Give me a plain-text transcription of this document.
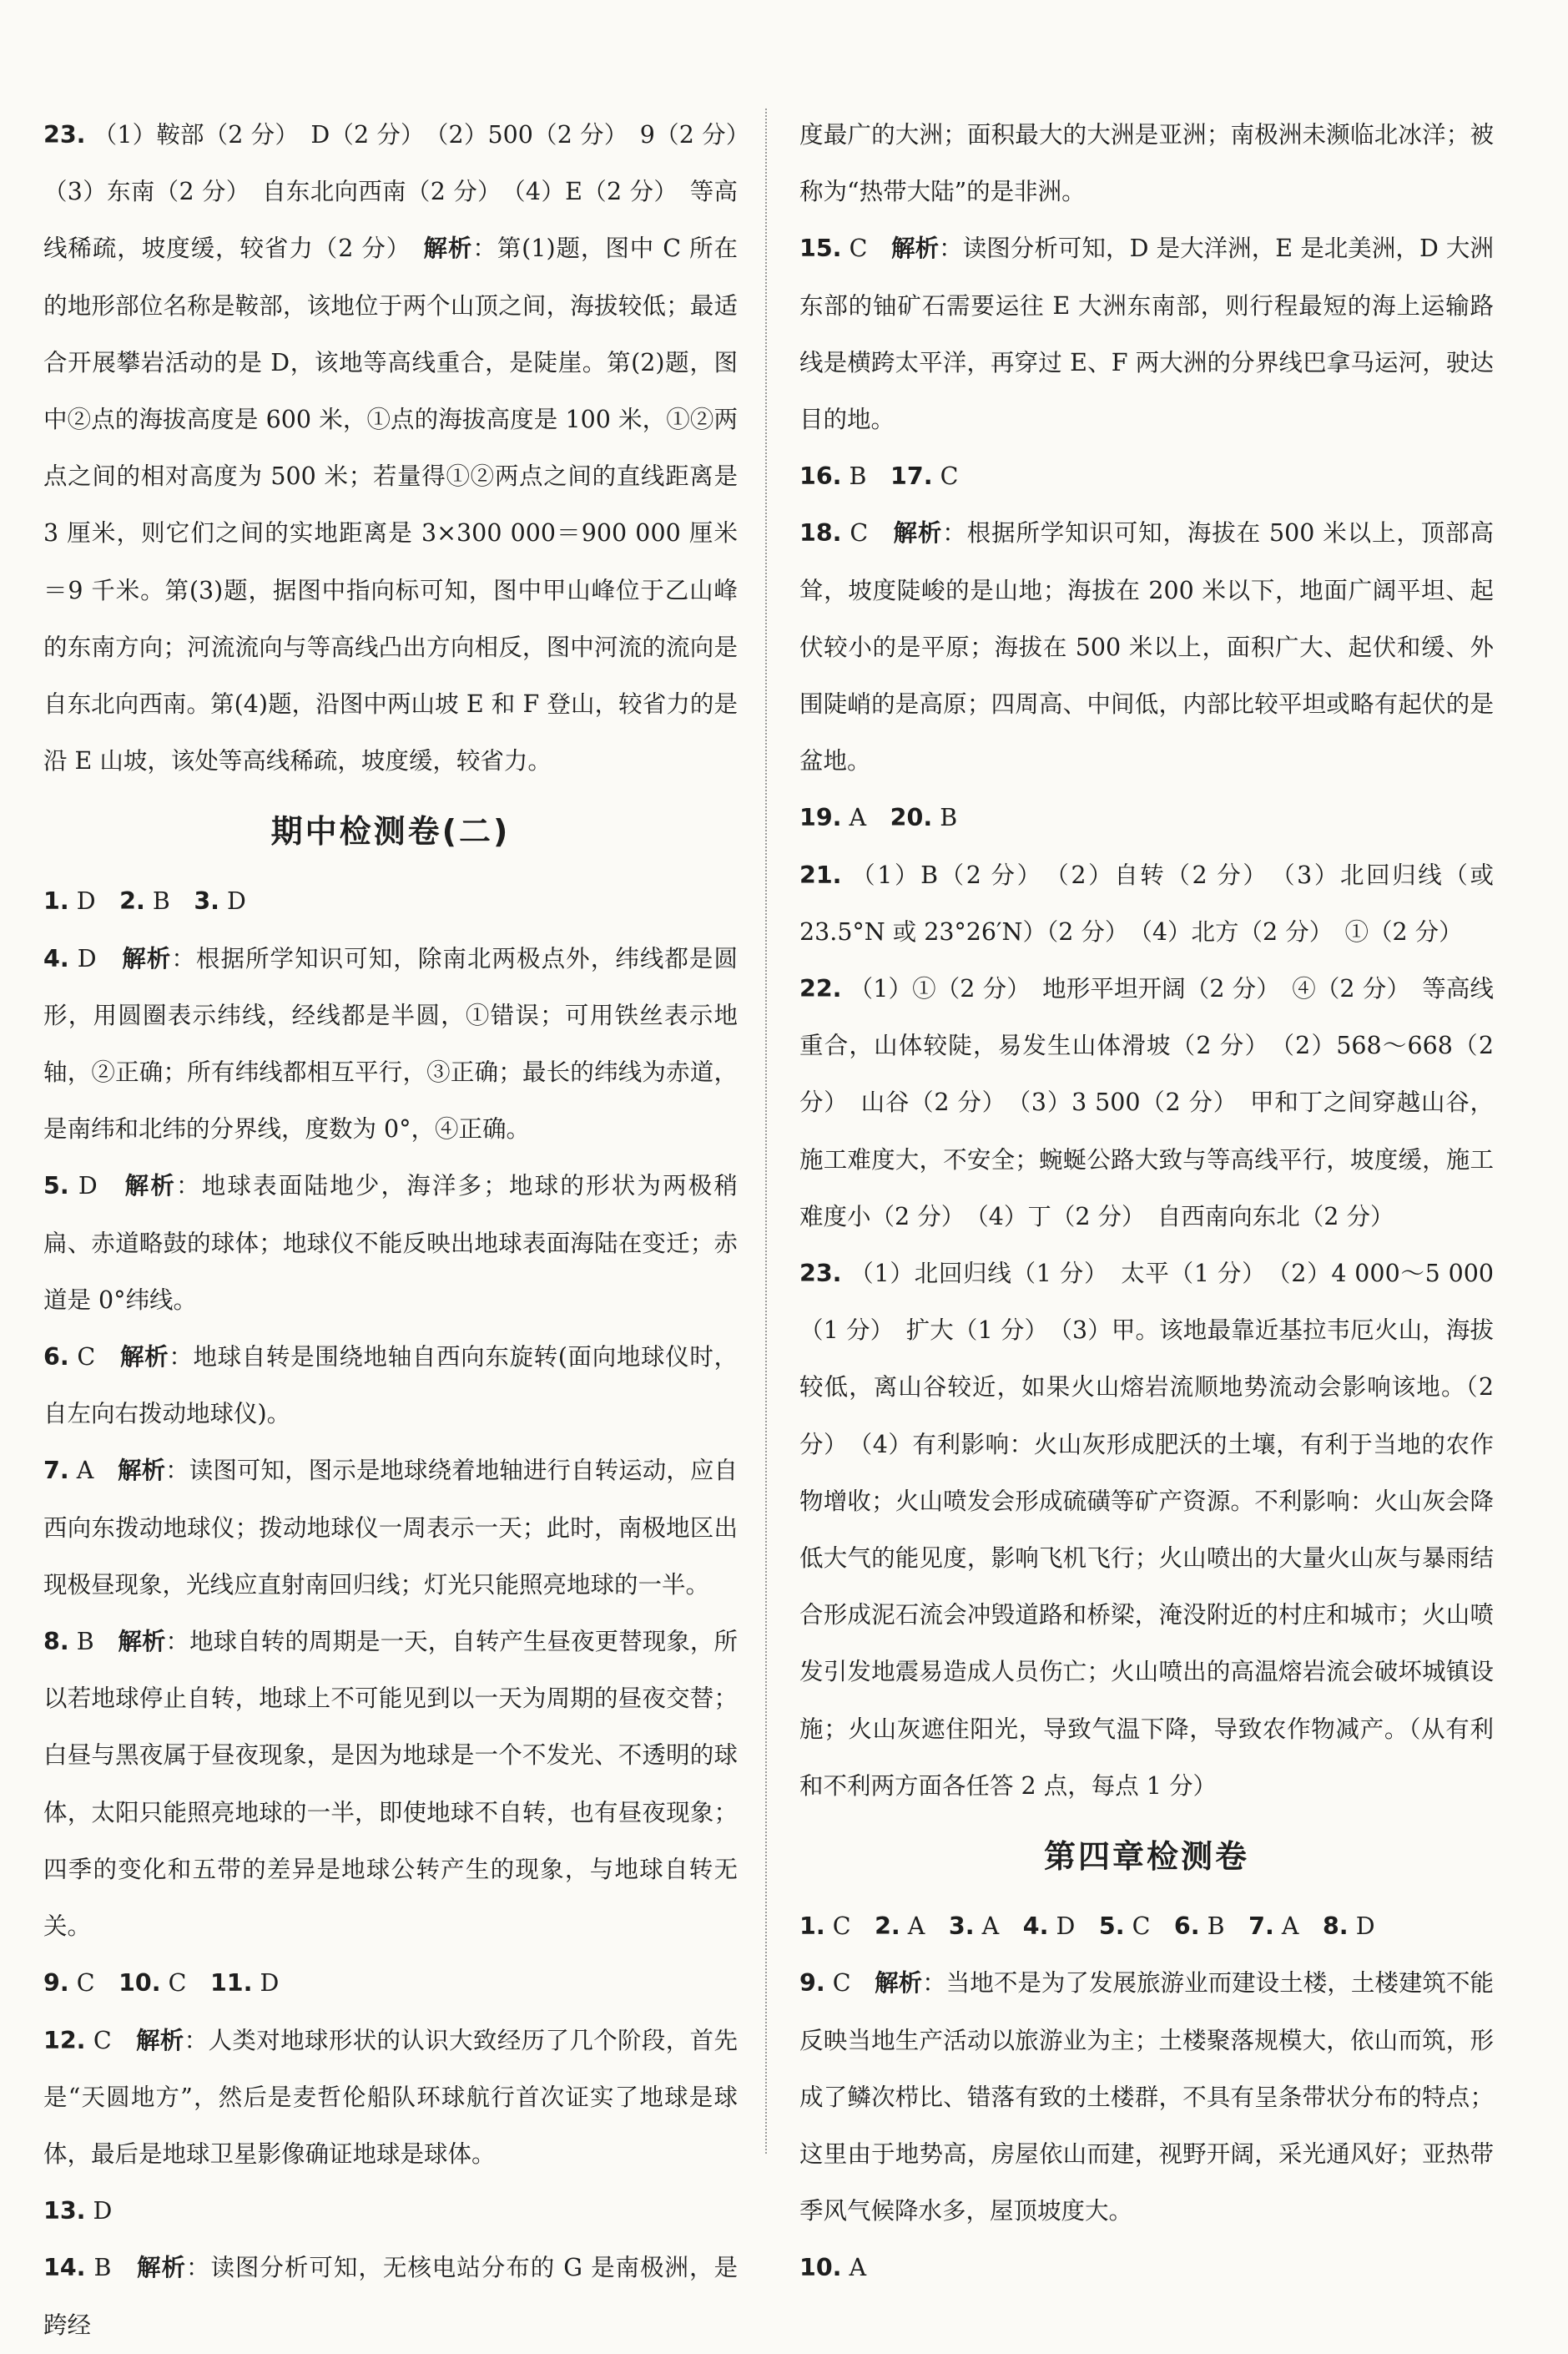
23. （1）鞍部（2 分）　D（2 分）　（2）500（2 分）　9（2 分）　（3）东南（2 分）　自东北向西南（2 分）　（4）E（2 分）　等高线稀疏，坡度缓，较省力（2 分）　解析：第(1)题，图中 C 所在的地形部位名称是鞍部，该地位于两个山顶之间，海拔较低；最适合开展攀岩活动的是 D，该地等高线重合，是陡崖。第(2)题，图中②点的海拔高度是 600 米，①点的海拔高度是 100 米，①②两点之间的相对高度为 500 米；若量得①②两点之间的直线距离是 3 厘米，则它们之间的实地距离是 3×300 000＝900 000 厘米＝9 千米。第(3)题，据图中指向标可知，图中甲山峰位于乙山峰的东南方向；河流流向与等高线凸出方向相反，图中河流的流向是自东北向西南。第(4)题，沿图中两山坡 E 和 F 登山，较省力的是沿 E 山坡，该处等高线稀疏，坡度缓，较省力。

期中检测卷(二)

1. D　 2. B　 3. D

4. D　解析：根据所学知识可知，除南北两极点外，纬线都是圆形，用圆圈表示纬线，经线都是半圆，①错误；可用铁丝表示地轴，②正确；所有纬线都相互平行，③正确；最长的纬线为赤道，是南纬和北纬的分界线，度数为 0°，④正确。

5. D　解析：地球表面陆地少，海洋多；地球的形状为两极稍扁、赤道略鼓的球体；地球仪不能反映出地球表面海陆在变迁；赤道是 0°纬线。

6. C　解析：地球自转是围绕地轴自西向东旋转(面向地球仪时，自左向右拨动地球仪)。

7. A　解析：读图可知，图示是地球绕着地轴进行自转运动，应自西向东拨动地球仪；拨动地球仪一周表示一天；此时，南极地区出现极昼现象，光线应直射南回归线；灯光只能照亮地球的一半。

8. B　解析：地球自转的周期是一天，自转产生昼夜更替现象，所以若地球停止自转，地球上不可能见到以一天为周期的昼夜交替；白昼与黑夜属于昼夜现象，是因为地球是一个不发光、不透明的球体，太阳只能照亮地球的一半，即使地球不自转，也有昼夜现象；四季的变化和五带的差异是地球公转产生的现象，与地球自转无关。

9. C　 10. C　 11. D

12. C　解析：人类对地球形状的认识大致经历了几个阶段，首先是“天圆地方”，然后是麦哲伦船队环球航行首次证实了地球是球体，最后是地球卫星影像确证地球是球体。

13. D

14. B　解析：读图分析可知，无核电站分布的 G 是南极洲，是跨经

度最广的大洲；面积最大的大洲是亚洲；南极洲未濒临北冰洋；被称为“热带大陆”的是非洲。

15. C　解析：读图分析可知，D 是大洋洲，E 是北美洲，D 大洲东部的铀矿石需要运往 E 大洲东南部，则行程最短的海上运输路线是横跨太平洋，再穿过 E、F 两大洲的分界线巴拿马运河，驶达目的地。

16. B　 17. C

18. C　解析：根据所学知识可知，海拔在 500 米以上，顶部高耸，坡度陡峻的是山地；海拔在 200 米以下，地面广阔平坦、起伏较小的是平原；海拔在 500 米以上，面积广大、起伏和缓、外围陡峭的是高原；四周高、中间低，内部比较平坦或略有起伏的是盆地。

19. A　 20. B

21. （1）B（2 分）　（2）自转（2 分）　（3）北回归线（或 23.5°N 或 23°26′N）（2 分）　（4）北方（2 分）　①（2 分）

22. （1）①（2 分）　地形平坦开阔（2 分）　④（2 分）　等高线重合，山体较陡，易发生山体滑坡（2 分）　（2）568～668（2 分）　山谷（2 分）　（3）3 500（2 分）　甲和丁之间穿越山谷，施工难度大，不安全；蜿蜒公路大致与等高线平行，坡度缓，施工难度小（2 分）　（4）丁（2 分）　自西南向东北（2 分）

23. （1）北回归线（1 分）　太平（1 分）　（2）4 000～5 000（1 分）　扩大（1 分）　（3）甲。该地最靠近基拉韦厄火山，海拔较低，离山谷较近，如果火山熔岩流顺地势流动会影响该地。（2 分）　（4）有利影响：火山灰形成肥沃的土壤，有利于当地的农作物增收；火山喷发会形成硫磺等矿产资源。不利影响：火山灰会降低大气的能见度，影响飞机飞行；火山喷出的大量火山灰与暴雨结合形成泥石流会冲毁道路和桥梁，淹没附近的村庄和城市；火山喷发引发地震易造成人员伤亡；火山喷出的高温熔岩流会破坏城镇设施；火山灰遮住阳光，导致气温下降，导致农作物减产。（从有利和不利两方面各任答 2 点，每点 1 分）

第四章检测卷

1. C　 2. A　 3. A　 4. D　 5. C　 6. B　 7. A　 8. D

9. C　解析：当地不是为了发展旅游业而建设土楼，土楼建筑不能反映当地生产活动以旅游业为主；土楼聚落规模大，依山而筑，形成了鳞次栉比、错落有致的土楼群，不具有呈条带状分布的特点；这里由于地势高，房屋依山而建，视野开阔，采光通风好；亚热带季风气候降水多，屋顶坡度大。

10. A
